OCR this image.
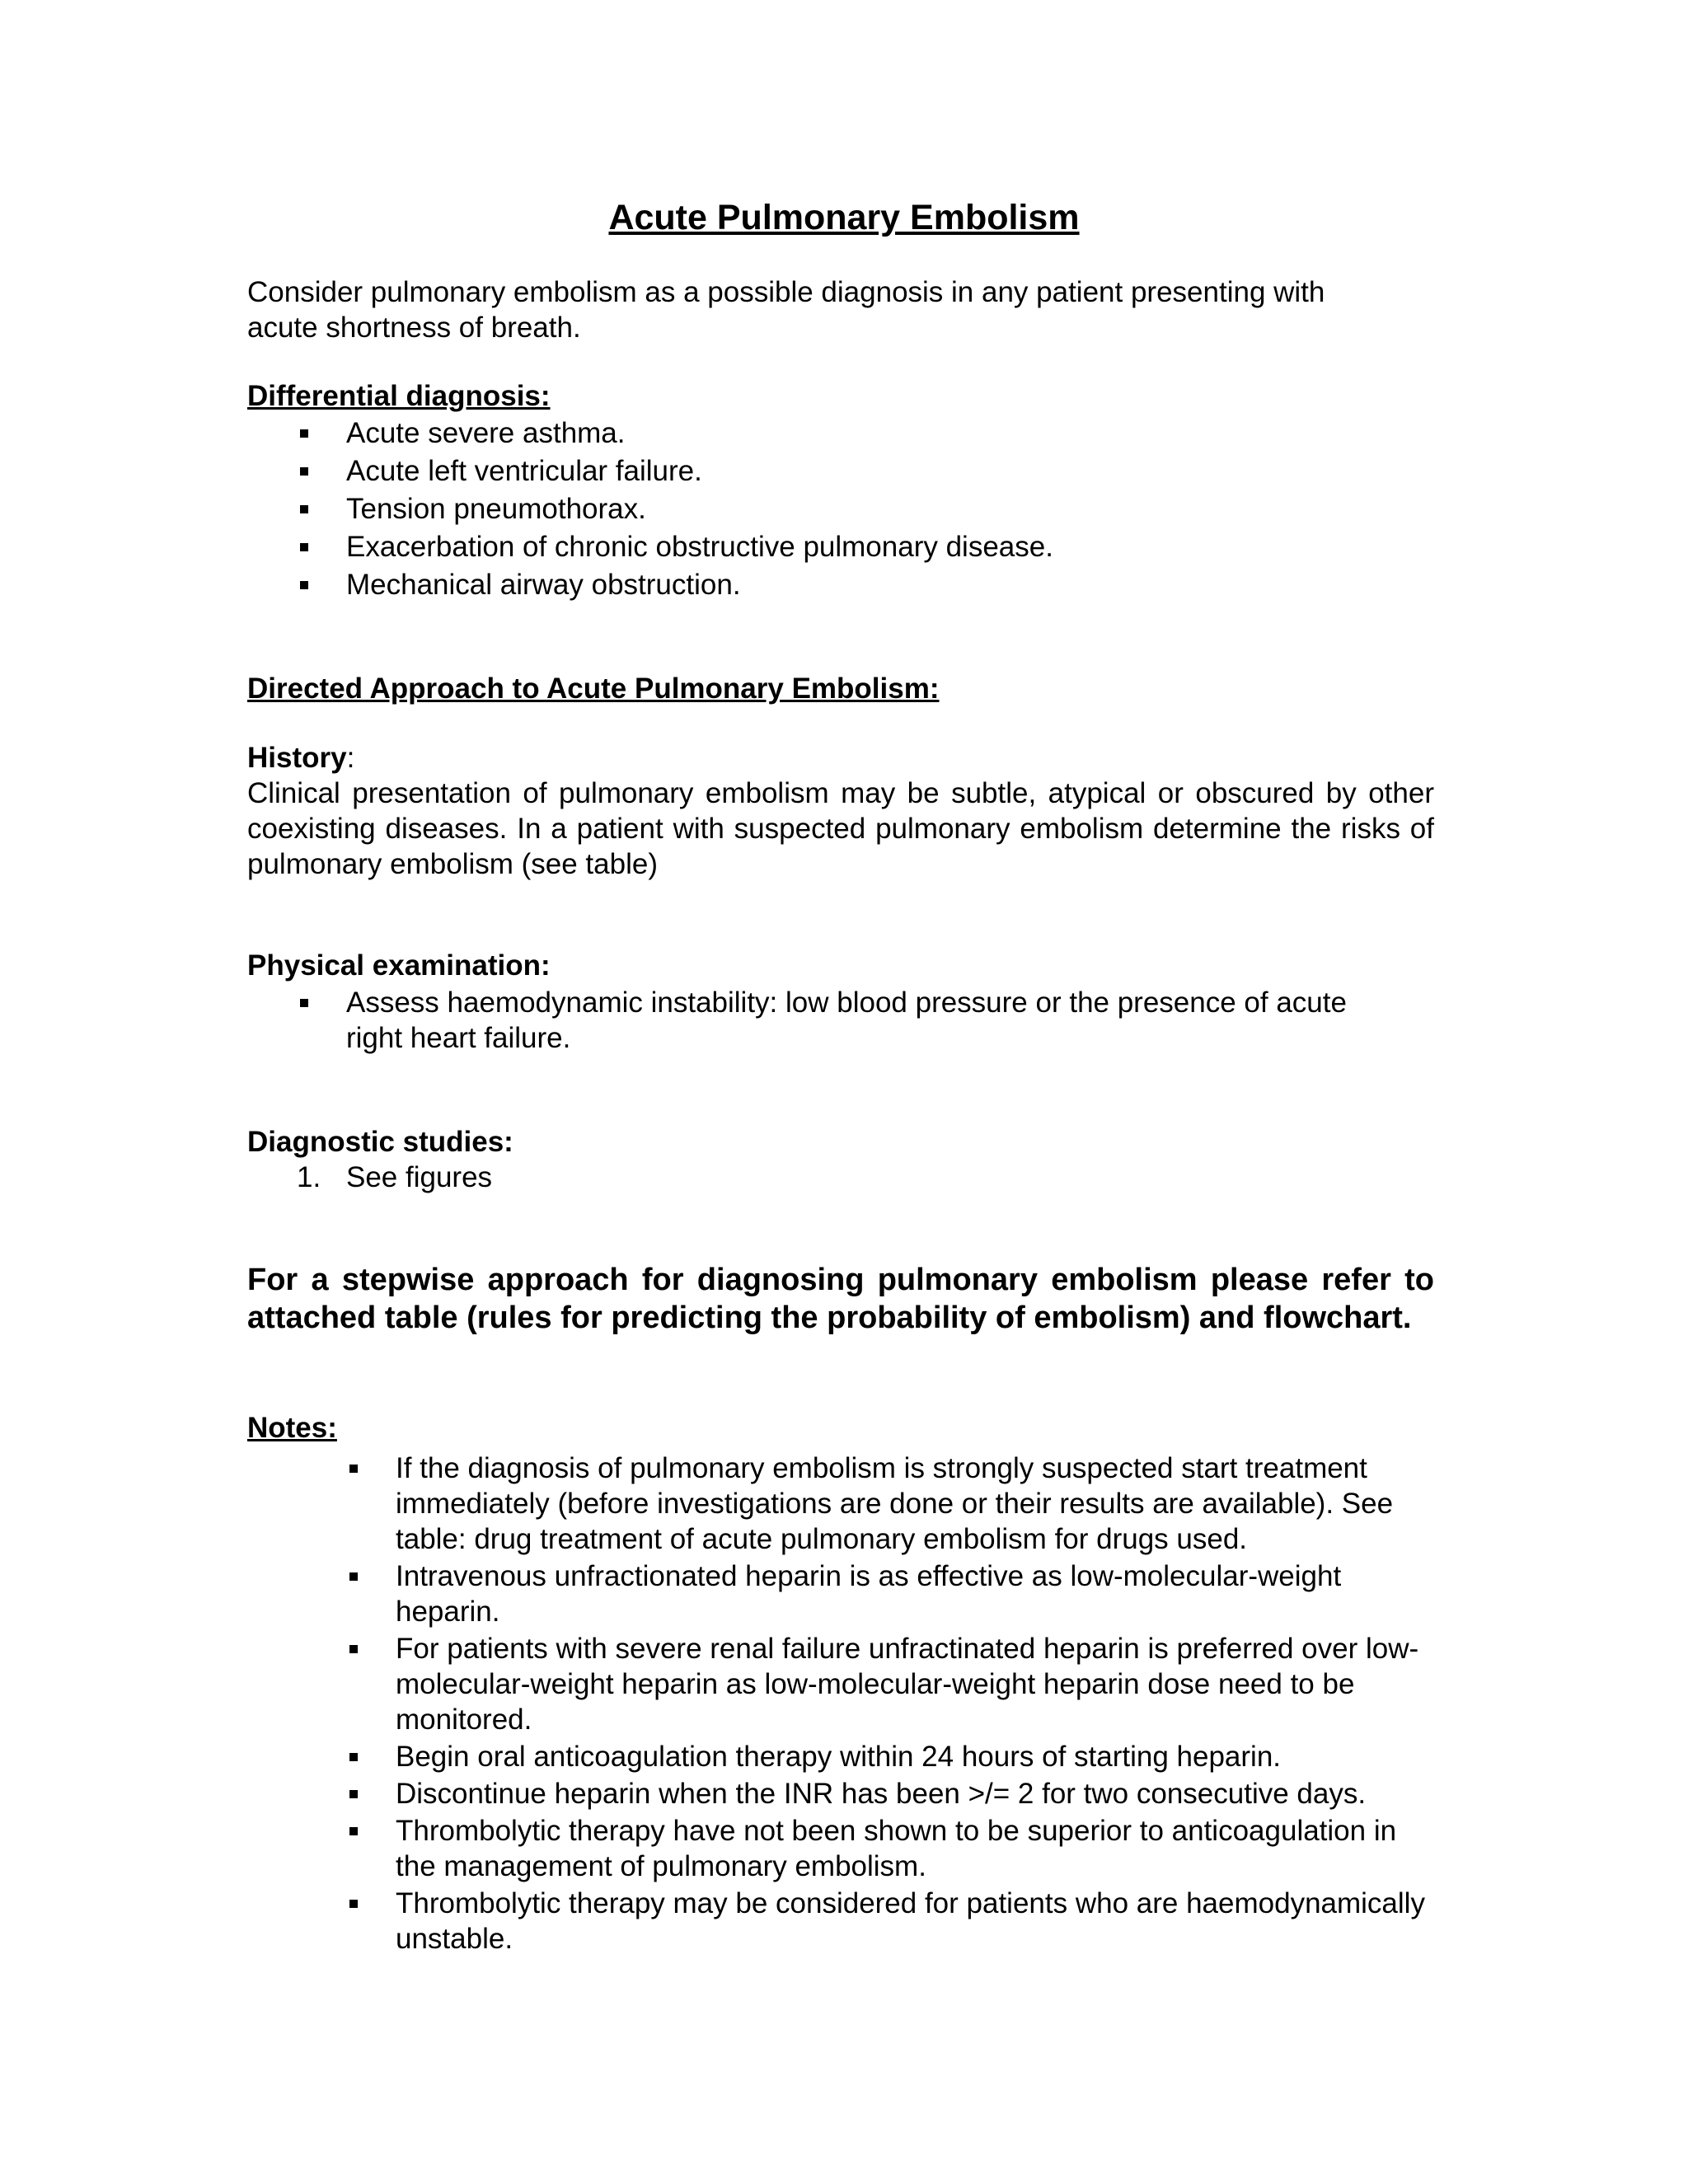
Acute Pulmonary Embolism

Consider pulmonary embolism as a possible diagnosis in any patient presenting with acute shortness of breath.

Differential diagnosis:

Acute severe asthma.
Acute left ventricular failure.
Tension pneumothorax.
Exacerbation of chronic obstructive pulmonary disease.
Mechanical airway obstruction.

Directed Approach to Acute Pulmonary Embolism:

History:

Clinical presentation of pulmonary embolism may be subtle, atypical or obscured by other coexisting diseases. In a patient with suspected pulmonary embolism determine the risks of pulmonary embolism (see table)

Physical examination:

Assess haemodynamic instability: low blood pressure or the presence of acute right heart failure.

Diagnostic studies:

1. See figures

For a stepwise approach for diagnosing pulmonary embolism please refer to attached table (rules for predicting the probability of embolism) and flowchart.

Notes:

If the diagnosis of pulmonary embolism is strongly suspected start treatment immediately (before investigations are done or their results are available). See table: drug treatment of acute pulmonary embolism for drugs used.
Intravenous unfractionated heparin is as effective as low-molecular-weight heparin.
For patients with severe renal failure unfractinated heparin is preferred over low-molecular-weight heparin as low-molecular-weight heparin dose need to be monitored.
Begin oral anticoagulation therapy within 24 hours of starting heparin.
Discontinue heparin when the INR has been >/= 2 for two consecutive days.
Thrombolytic therapy have not been shown to be superior to anticoagulation in the management of pulmonary embolism.
Thrombolytic therapy may be considered for patients who are haemodynamically unstable.
